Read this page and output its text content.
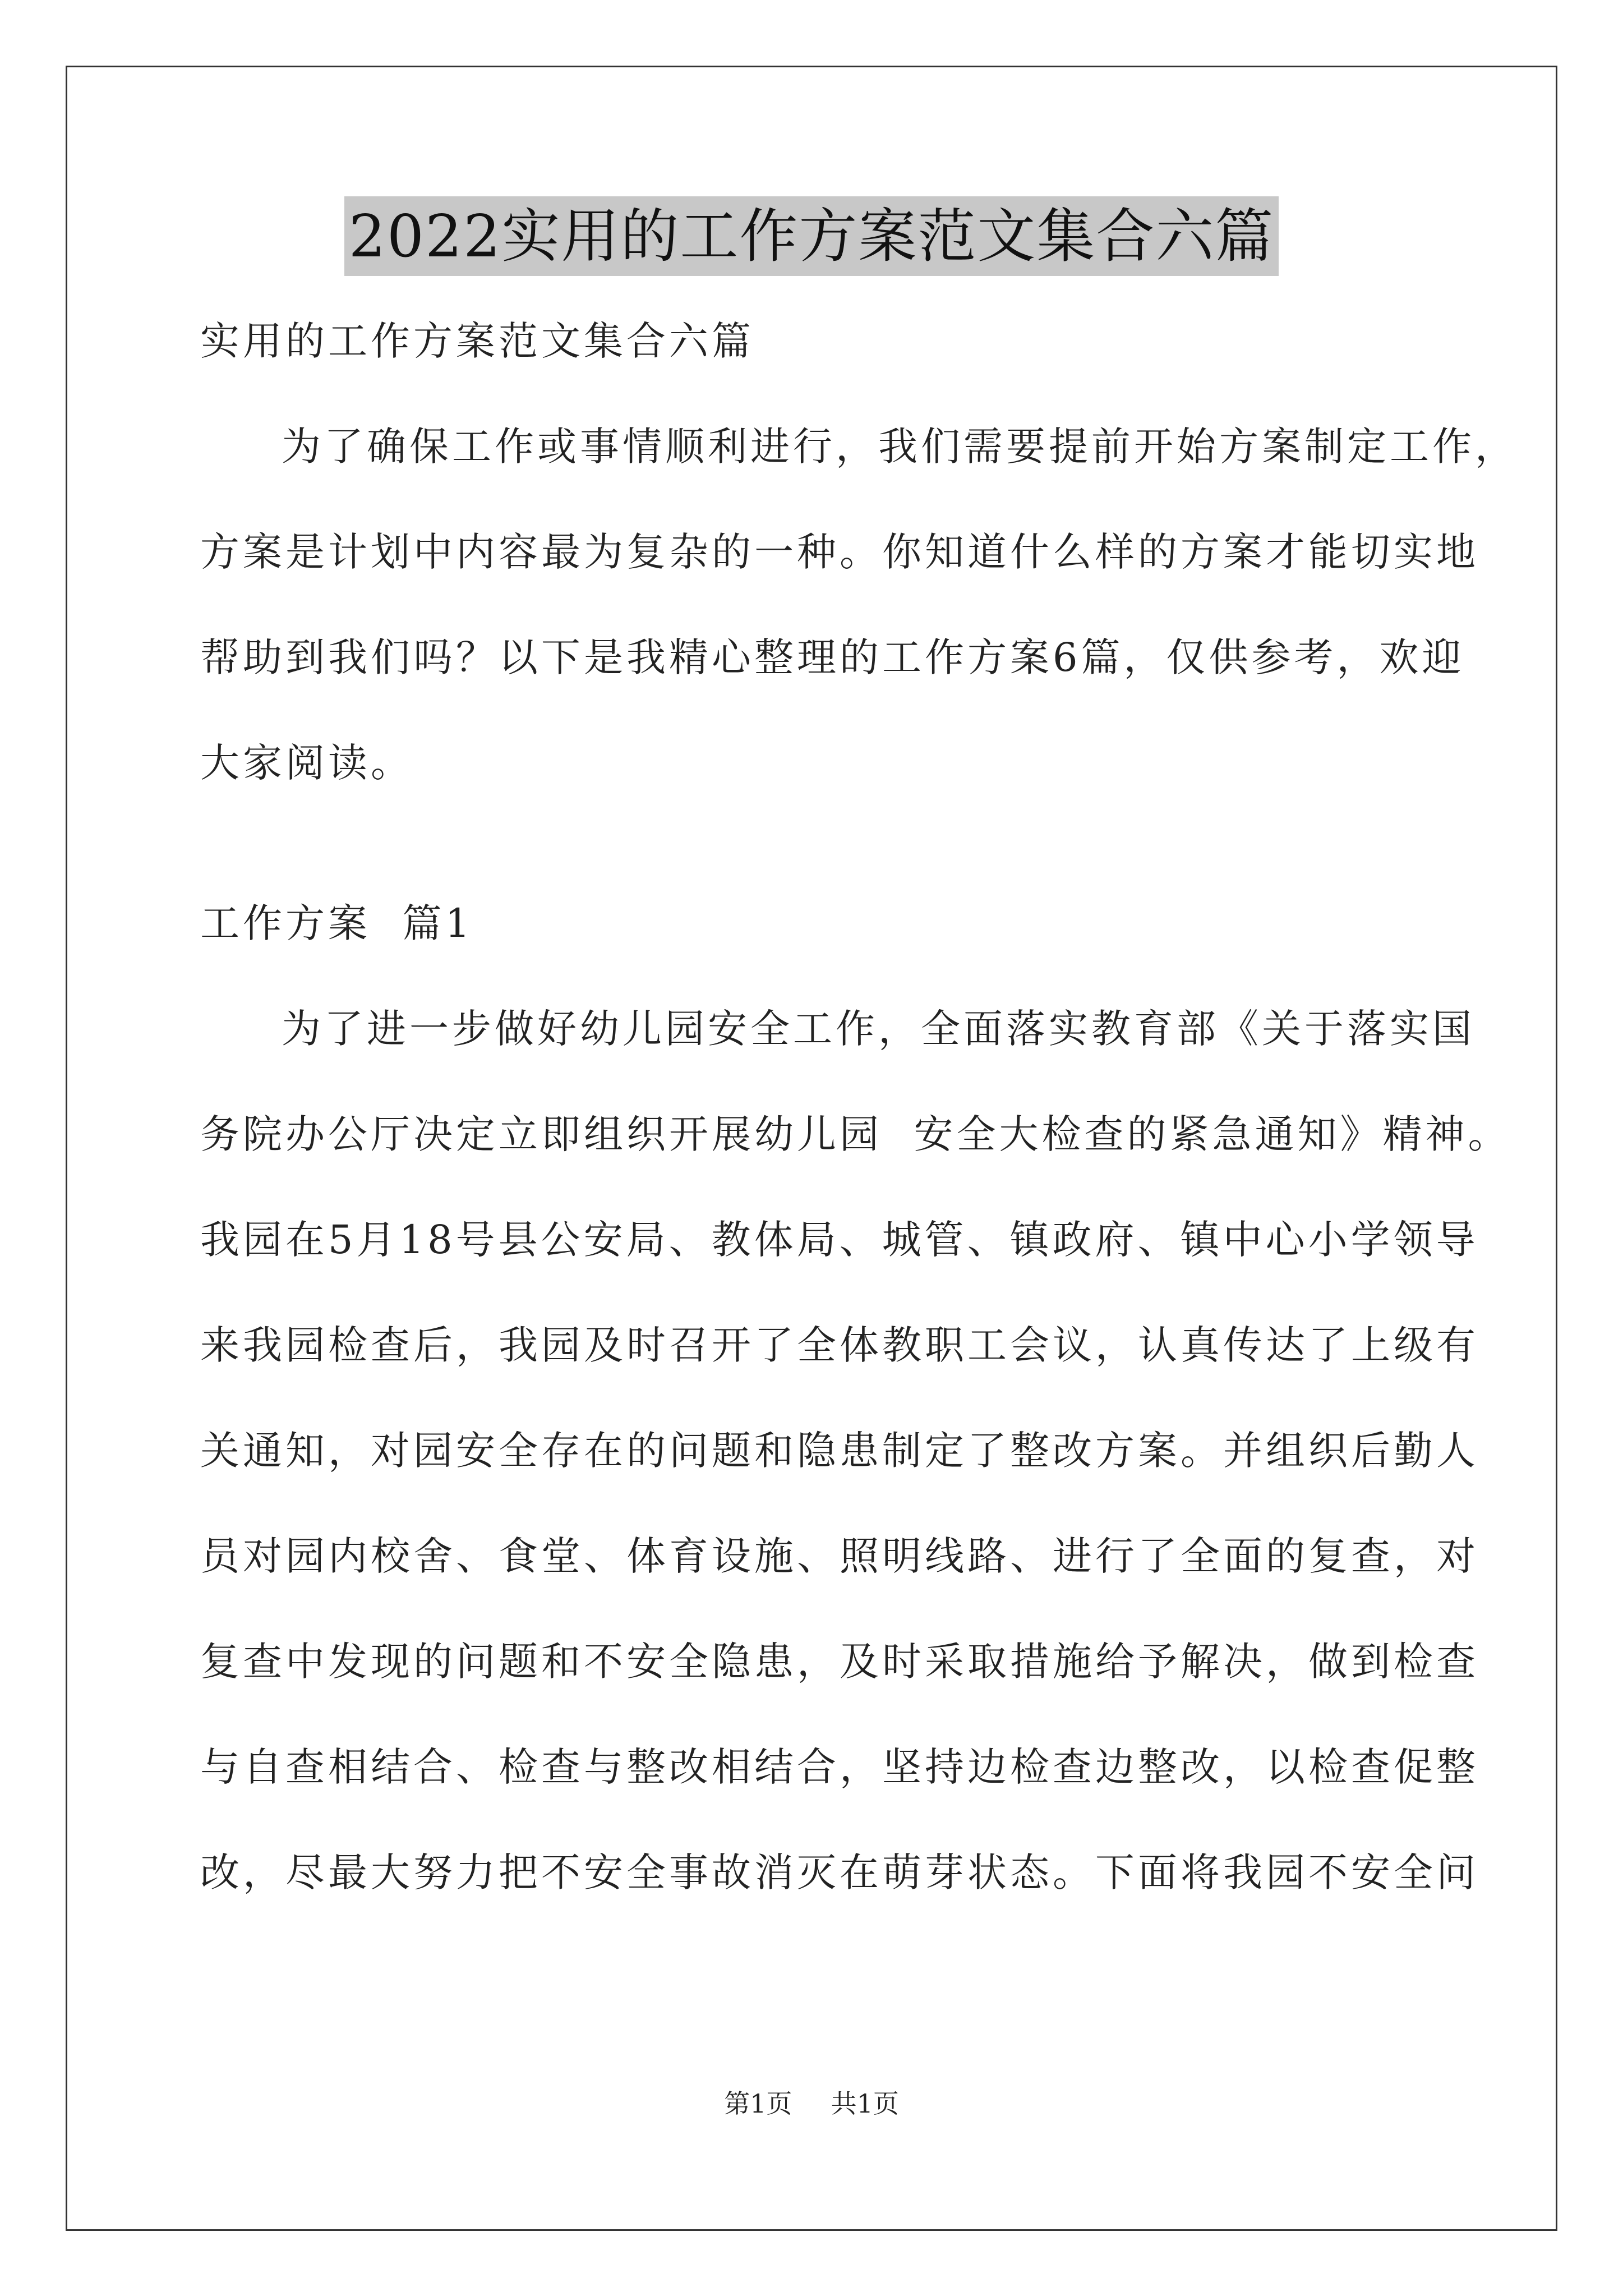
2022实用的工作方案范文集合六篇

实用的工作方案范文集合六篇

为了确保工作或事情顺利进行，我们需要提前开始方案制定工作，

方案是计划中内容最为复杂的一种。你知道什么样的方案才能切实地

帮助到我们吗？以下是我精心整理的工作方案6篇，仅供参考，欢迎

大家阅读。

工作方案  篇1

为了进一步做好幼儿园安全工作，全面落实教育部《关于落实国

务院办公厅决定立即组织开展幼儿园  安全大检查的紧急通知》精神。

我园在5月18号县公安局、教体局、城管、镇政府、镇中心小学领导

来我园检查后，我园及时召开了全体教职工会议，认真传达了上级有

关通知，对园安全存在的问题和隐患制定了整改方案。并组织后勤人

员对园内校舍、食堂、体育设施、照明线路、进行了全面的复查，对

复查中发现的问题和不安全隐患，及时采取措施给予解决，做到检查

与自查相结合、检查与整改相结合，坚持边检查边整改，以检查促整

改，尽最大努力把不安全事故消灭在萌芽状态。下面将我园不安全问

第1页 共1页
